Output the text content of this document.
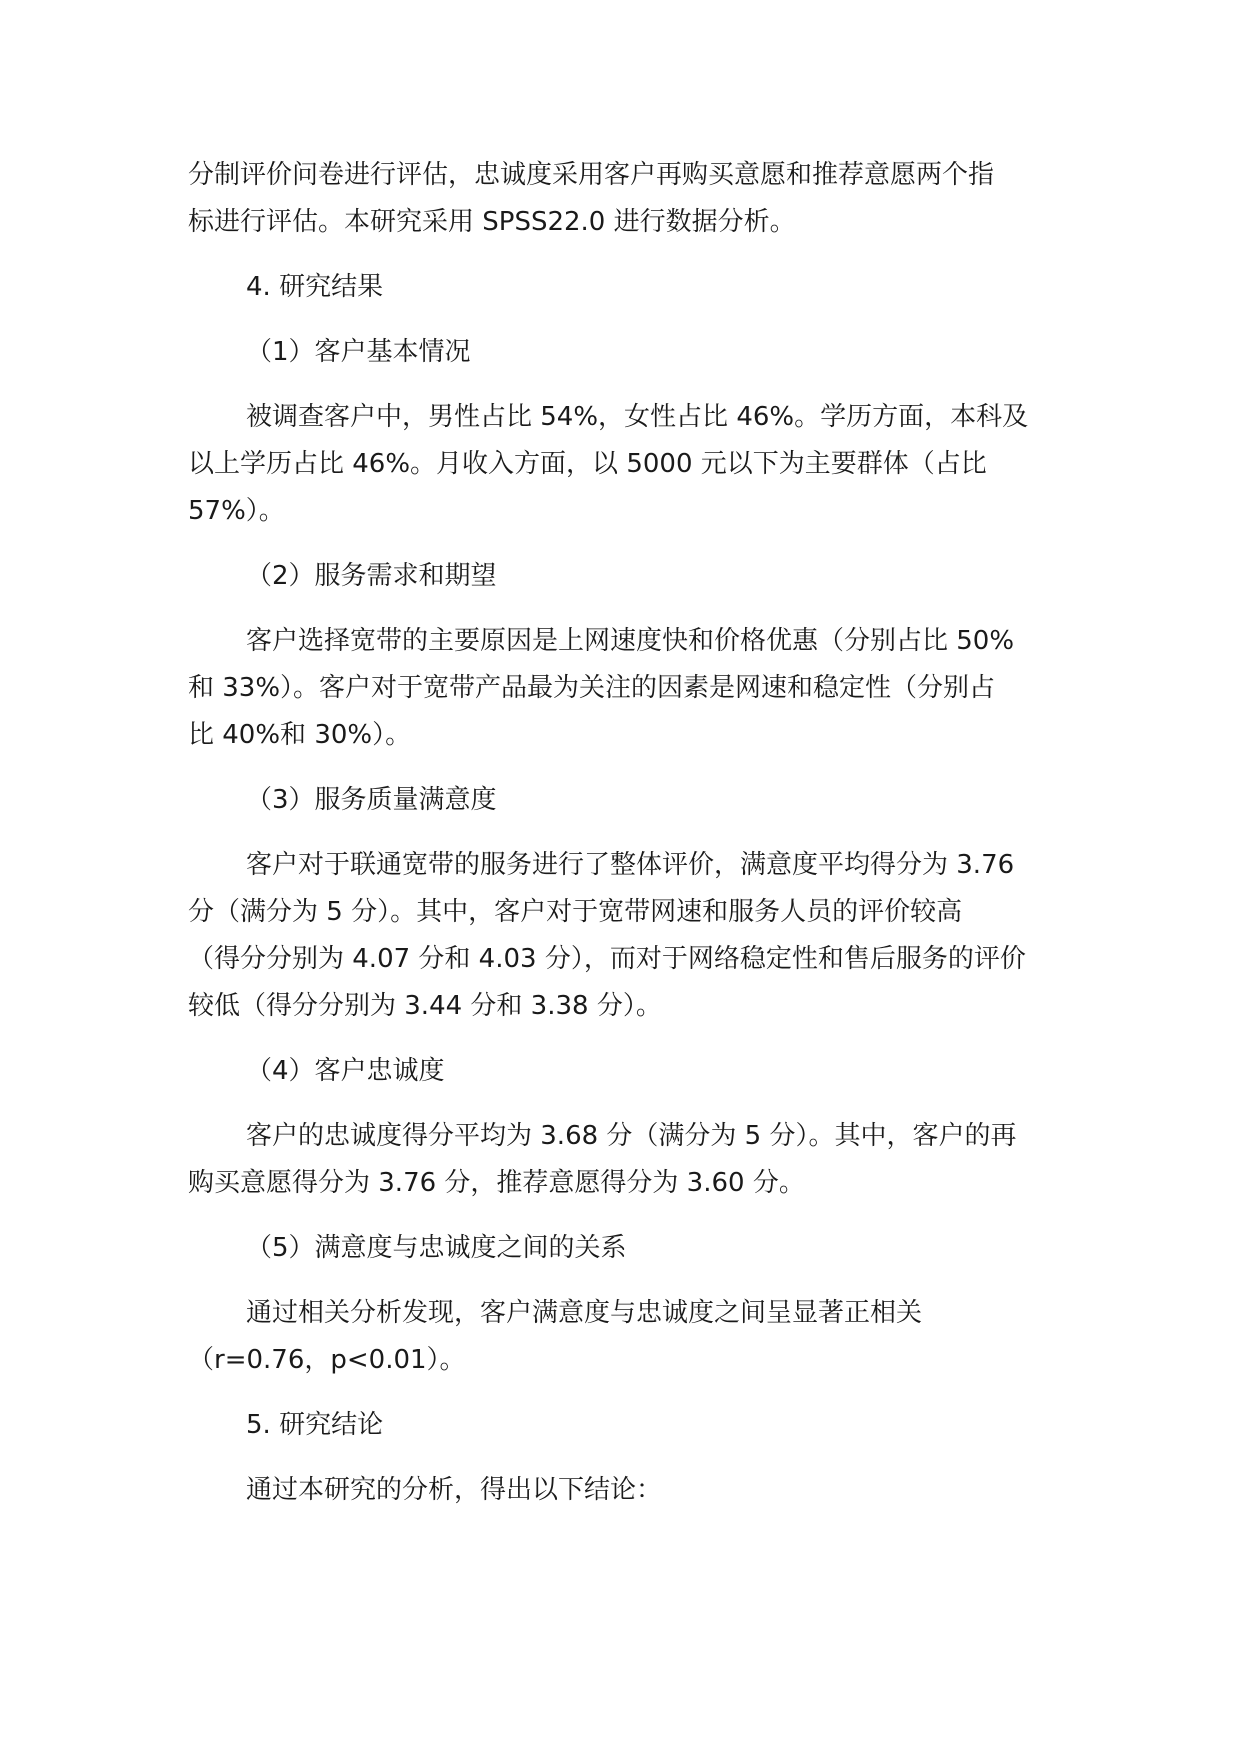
分制评价问卷进行评估，忠诚度采用客户再购买意愿和推荐意愿两个指
标进行评估。本研究采用 SPSS22.0 进行数据分析。

4. 研究结果

（1）客户基本情况

被调查客户中，男性占比 54%，女性占比 46%。学历方面，本科及
以上学历占比 46%。月收入方面，以 5000 元以下为主要群体（占比
57%）。

（2）服务需求和期望

客户选择宽带的主要原因是上网速度快和价格优惠（分别占比 50%
和 33%）。客户对于宽带产品最为关注的因素是网速和稳定性（分别占
比 40%和 30%）。

（3）服务质量满意度

客户对于联通宽带的服务进行了整体评价，满意度平均得分为 3.76
分（满分为 5 分）。其中，客户对于宽带网速和服务人员的评价较高
（得分分别为 4.07 分和 4.03 分），而对于网络稳定性和售后服务的评价
较低（得分分别为 3.44 分和 3.38 分）。

（4）客户忠诚度

客户的忠诚度得分平均为 3.68 分（满分为 5 分）。其中，客户的再
购买意愿得分为 3.76 分，推荐意愿得分为 3.60 分。

（5）满意度与忠诚度之间的关系

通过相关分析发现，客户满意度与忠诚度之间呈显著正相关
（r=0.76，p<0.01）。

5. 研究结论

通过本研究的分析，得出以下结论：
